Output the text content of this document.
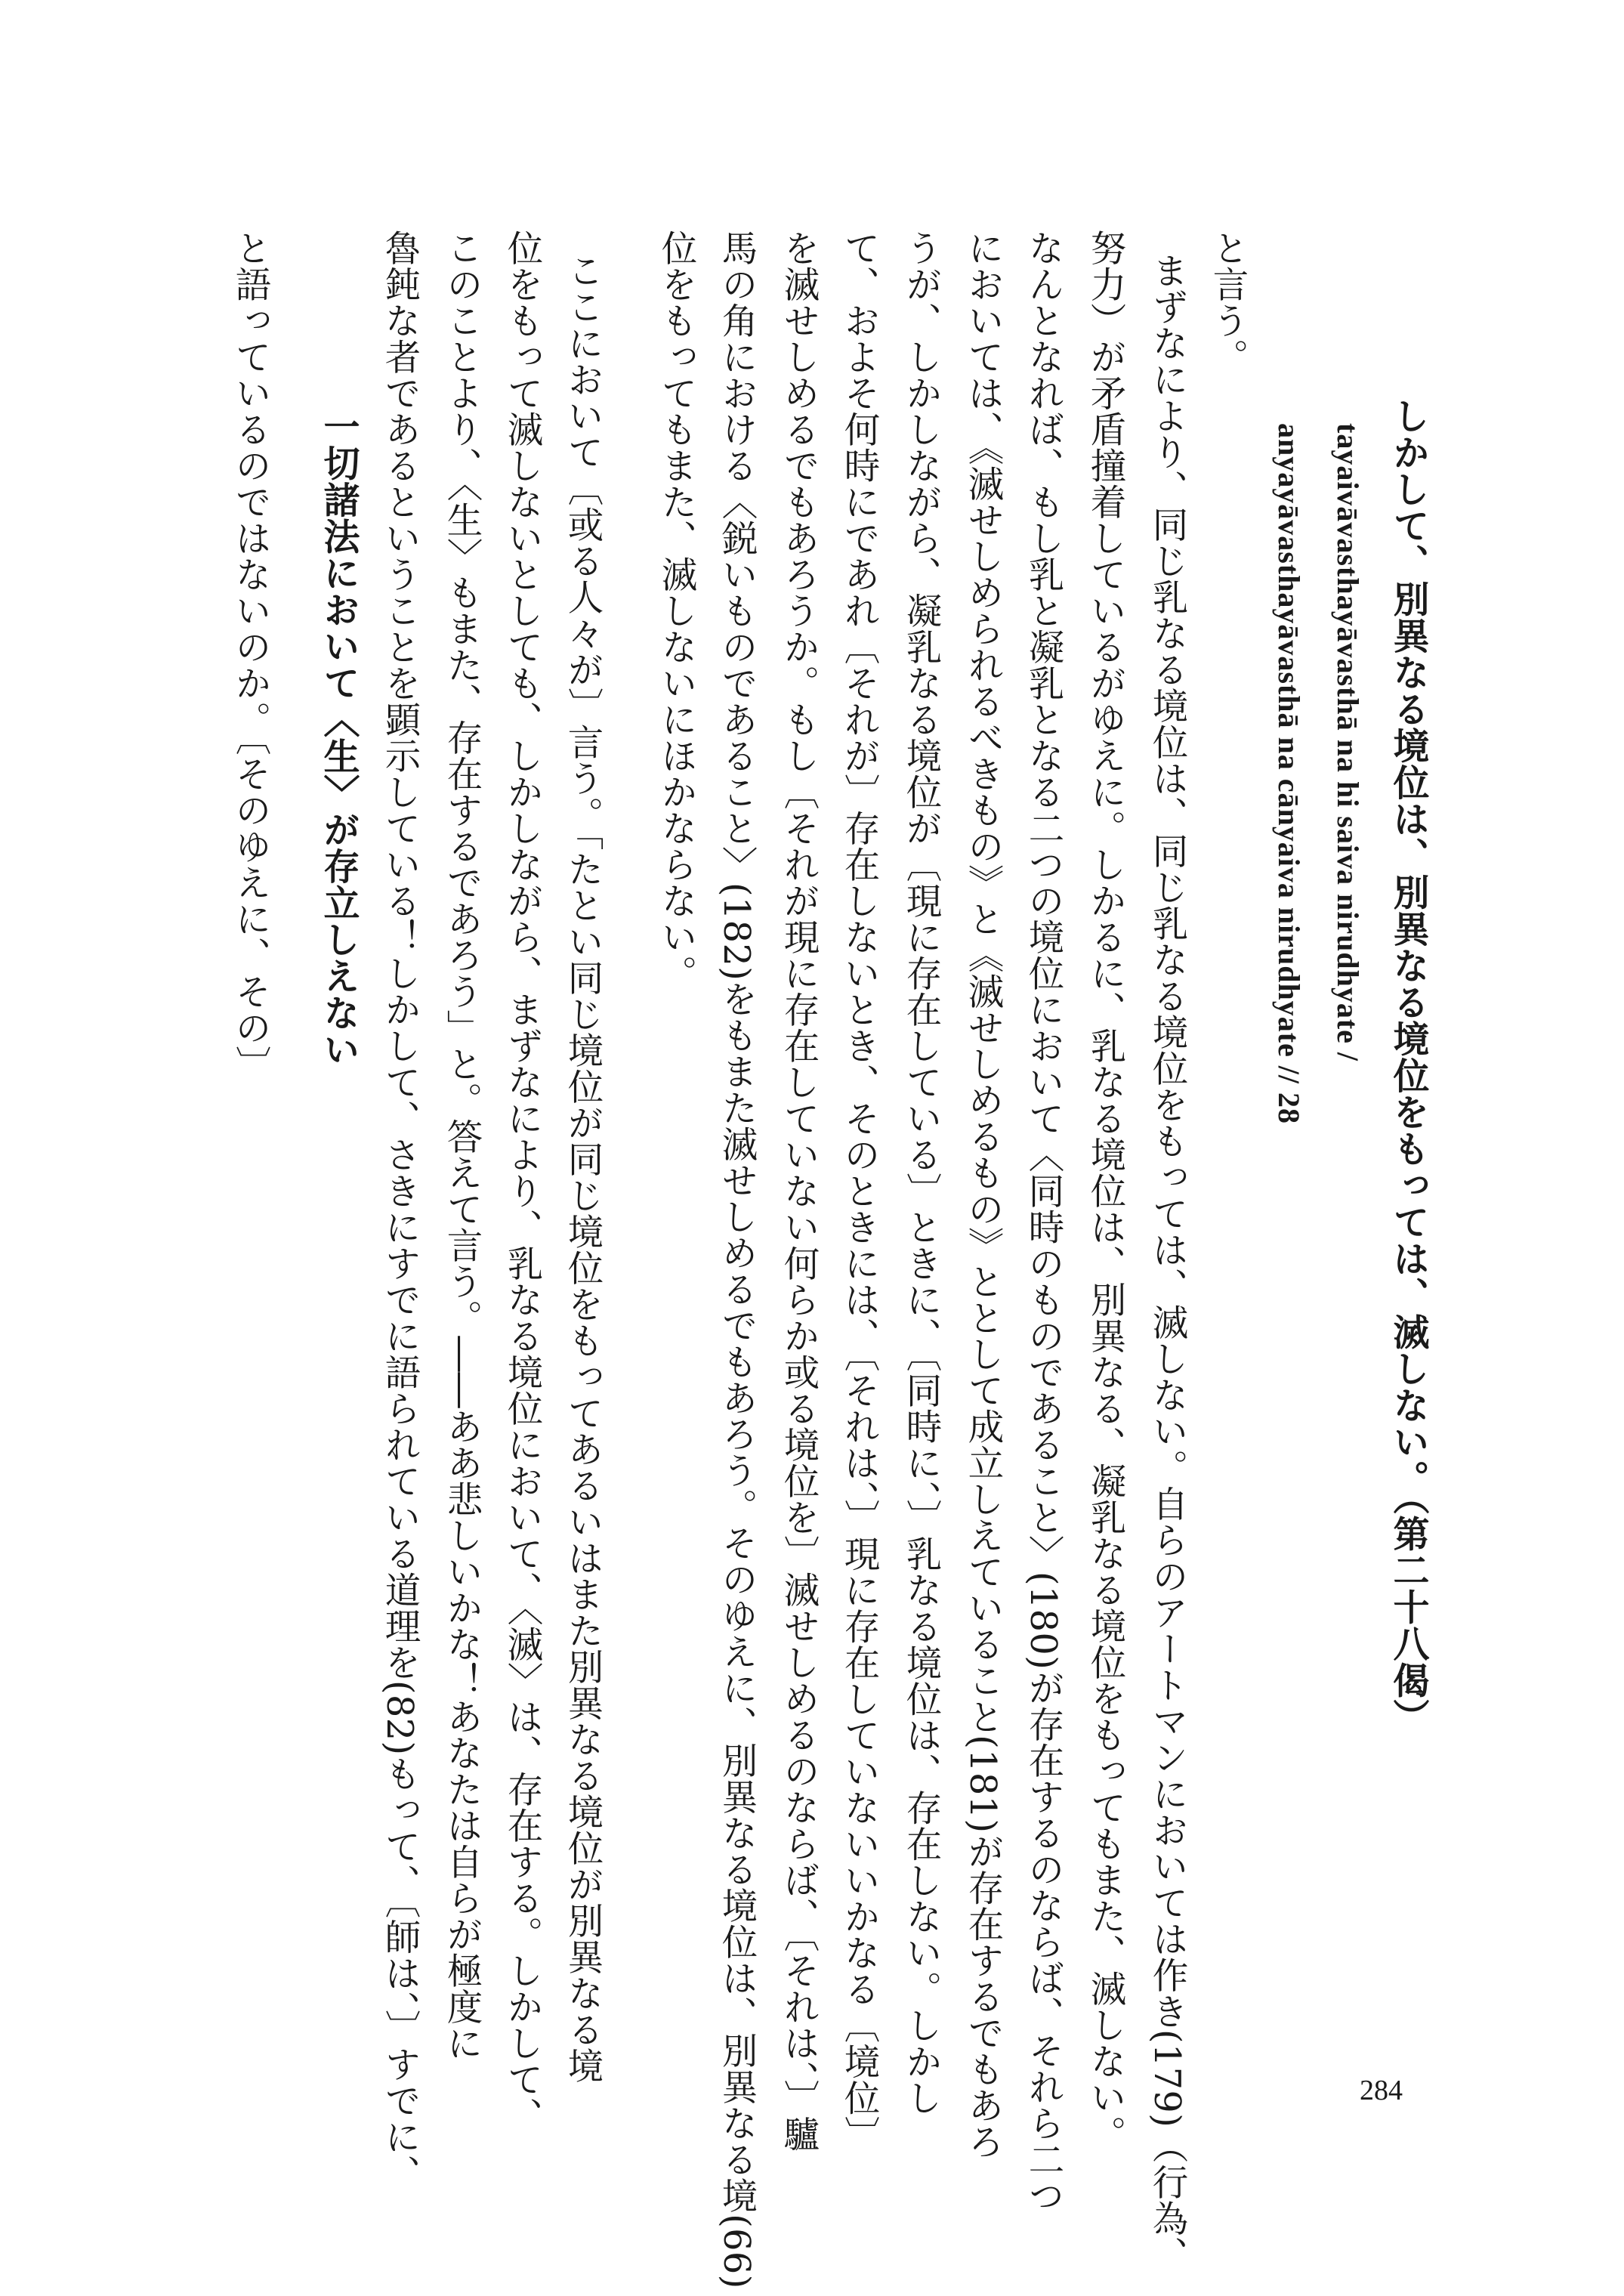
しかして、別異なる境位は、別異なる境位をもっては、滅しない。（第二十八偈）
tayaivāvasthayāvasthā na hi saiva nirudhyate /
anyayāvasthayāvasthā na cānyaiva nirudhyate // 28
と言う。
まずなにより、同じ乳なる境位は、同じ乳なる境位をもっては、滅しない。自らのアートマンにおいては作き(179)（行為、
努力）が矛盾撞着しているがゆえに。しかるに、乳なる境位は、別異なる、凝乳なる境位をもってもまた、滅しない。
なんとなれば、もし乳と凝乳となる二つの境位において〈同時のものであること〉(180)が存在するのならば、それら二つ
においては、《滅せしめられるべきもの》と《滅せしめるもの》ととして成立しえていること(181)が存在するでもあろ
うが、しかしながら、凝乳なる境位が〔現に存在している〕ときに、〔同時に、〕乳なる境位は、存在しない。しかし
て、およそ何時にであれ〔それが〕存在しないとき、そのときには、〔それは、〕現に存在していないいかなる〔境位〕
を滅せしめるでもあろうか。もし〔それが現に存在していない何らか或る境位を〕滅せしめるのならば、〔それは、〕驢
馬の角における〈鋭いものであること〉(182)をもまた滅せしめるでもあろう。そのゆえに、別異なる境位は、別異なる境(66)
位をもってもまた、滅しないにほかならない。
ここにおいて〔或る人々が〕言う。「たとい同じ境位が同じ境位をもってあるいはまた別異なる境位が別異なる境
位をもって滅しないとしても、しかしながら、まずなにより、乳なる境位において、〈滅〉は、存在する。しかして、
このことより、〈生〉もまた、存在するであろう」と。答えて言う。――ああ悲しいかな！あなたは自らが極度に
魯鈍な者であるということを顕示している！しかして、さきにすでに語られている道理を(82)もって、〔師は、〕すでに、
一切諸法において〈生〉が存立しえない
と語っているのではないのか。〔そのゆえに、その〕
284
